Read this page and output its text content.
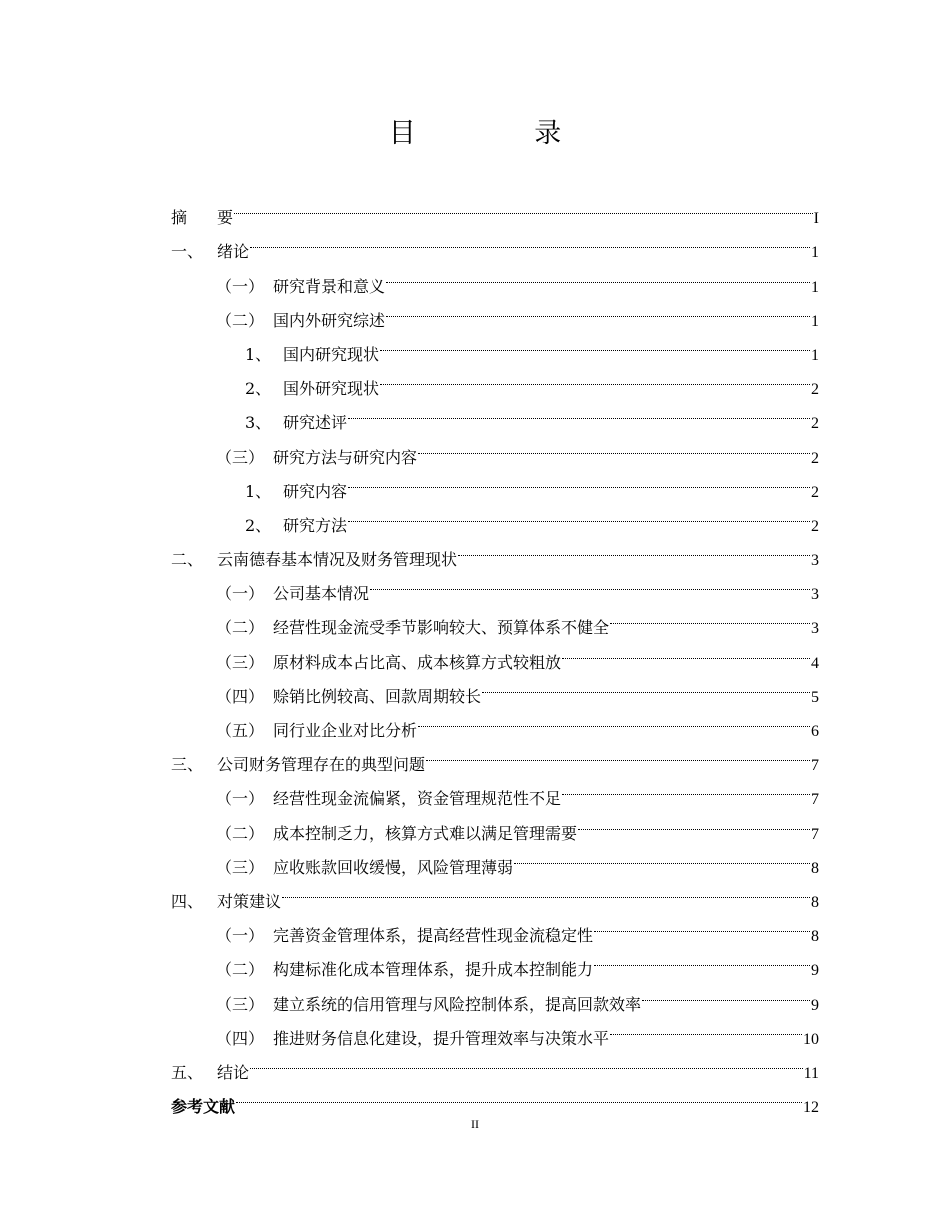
目 录
摘	要	I
一、 绪论	1
（一） 研究背景和意义	1
（二） 国内外研究综述	1
1、 国内研究现状	1
2、 国外研究现状	2
3、 研究述评	2
（三） 研究方法与研究内容	2
1、 研究内容	2
2、 研究方法	2
二、 云南德春基本情况及财务管理现状	3
（一） 公司基本情况	3
（二） 经营性现金流受季节影响较大、预算体系不健全	3
（三） 原材料成本占比高、成本核算方式较粗放	4
（四） 赊销比例较高、回款周期较长	5
（五） 同行业企业对比分析	6
三、 公司财务管理存在的典型问题	7
（一） 经营性现金流偏紧，资金管理规范性不足	7
（二） 成本控制乏力，核算方式难以满足管理需要	7
（三） 应收账款回收缓慢，风险管理薄弱	8
四、 对策建议	8
（一） 完善资金管理体系，提高经营性现金流稳定性	8
（二） 构建标准化成本管理体系，提升成本控制能力	9
（三） 建立系统的信用管理与风险控制体系，提高回款效率	9
（四） 推进财务信息化建设，提升管理效率与决策水平	10
五、 结论	11
参考文献	12
II
